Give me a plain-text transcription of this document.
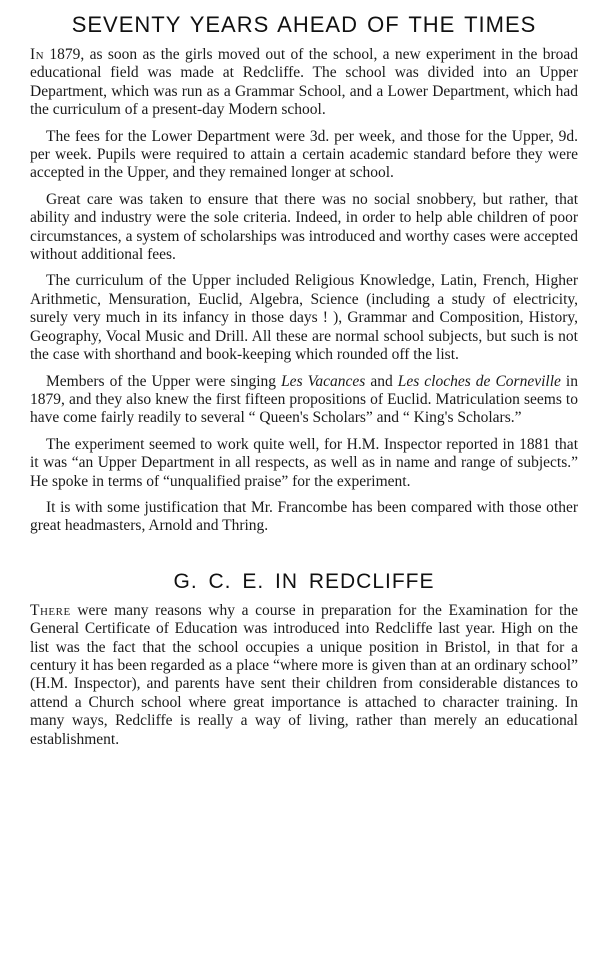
SEVENTY YEARS AHEAD OF THE TIMES

In 1879, as soon as the girls moved out of the school, a new experiment in the broad educational field was made at Redcliffe. The school was divided into an Upper Department, which was run as a Grammar School, and a Lower Department, which had the curriculum of a present-day Modern school.

The fees for the Lower Department were 3d. per week, and those for the Upper, 9d. per week. Pupils were required to attain a certain academic standard before they were accepted in the Upper, and they remained longer at school.

Great care was taken to ensure that there was no social snobbery, but rather, that ability and industry were the sole criteria. Indeed, in order to help able children of poor circumstances, a system of scholarships was introduced and worthy cases were accepted without additional fees.

The curriculum of the Upper included Religious Knowledge, Latin, French, Higher Arithmetic, Mensuration, Euclid, Algebra, Science (including a study of electricity, surely very much in its infancy in those days ! ), Grammar and Composition, History, Geography, Vocal Music and Drill. All these are normal school subjects, but such is not the case with shorthand and book-keeping which rounded off the list.

Members of the Upper were singing Les Vacances and Les cloches de Corneville in 1879, and they also knew the first fifteen propositions of Euclid. Matriculation seems to have come fairly readily to several “ Queen's Scholars” and “ King's Scholars.”

The experiment seemed to work quite well, for H.M. Inspector reported in 1881 that it was “an Upper Department in all respects, as well as in name and range of subjects.” He spoke in terms of “unqualified praise” for the experiment.

It is with some justification that Mr. Francombe has been compared with those other great headmasters, Arnold and Thring.

G. C. E. IN REDCLIFFE

There were many reasons why a course in preparation for the Examination for the General Certificate of Education was introduced into Redcliffe last year. High on the list was the fact that the school occupies a unique position in Bristol, in that for a century it has been regarded as a place “where more is given than at an ordinary school” (H.M. Inspector), and parents have sent their children from considerable distances to attend a Church school where great importance is attached to character training. In many ways, Redcliffe is really a way of living, rather than merely an educational establishment.
